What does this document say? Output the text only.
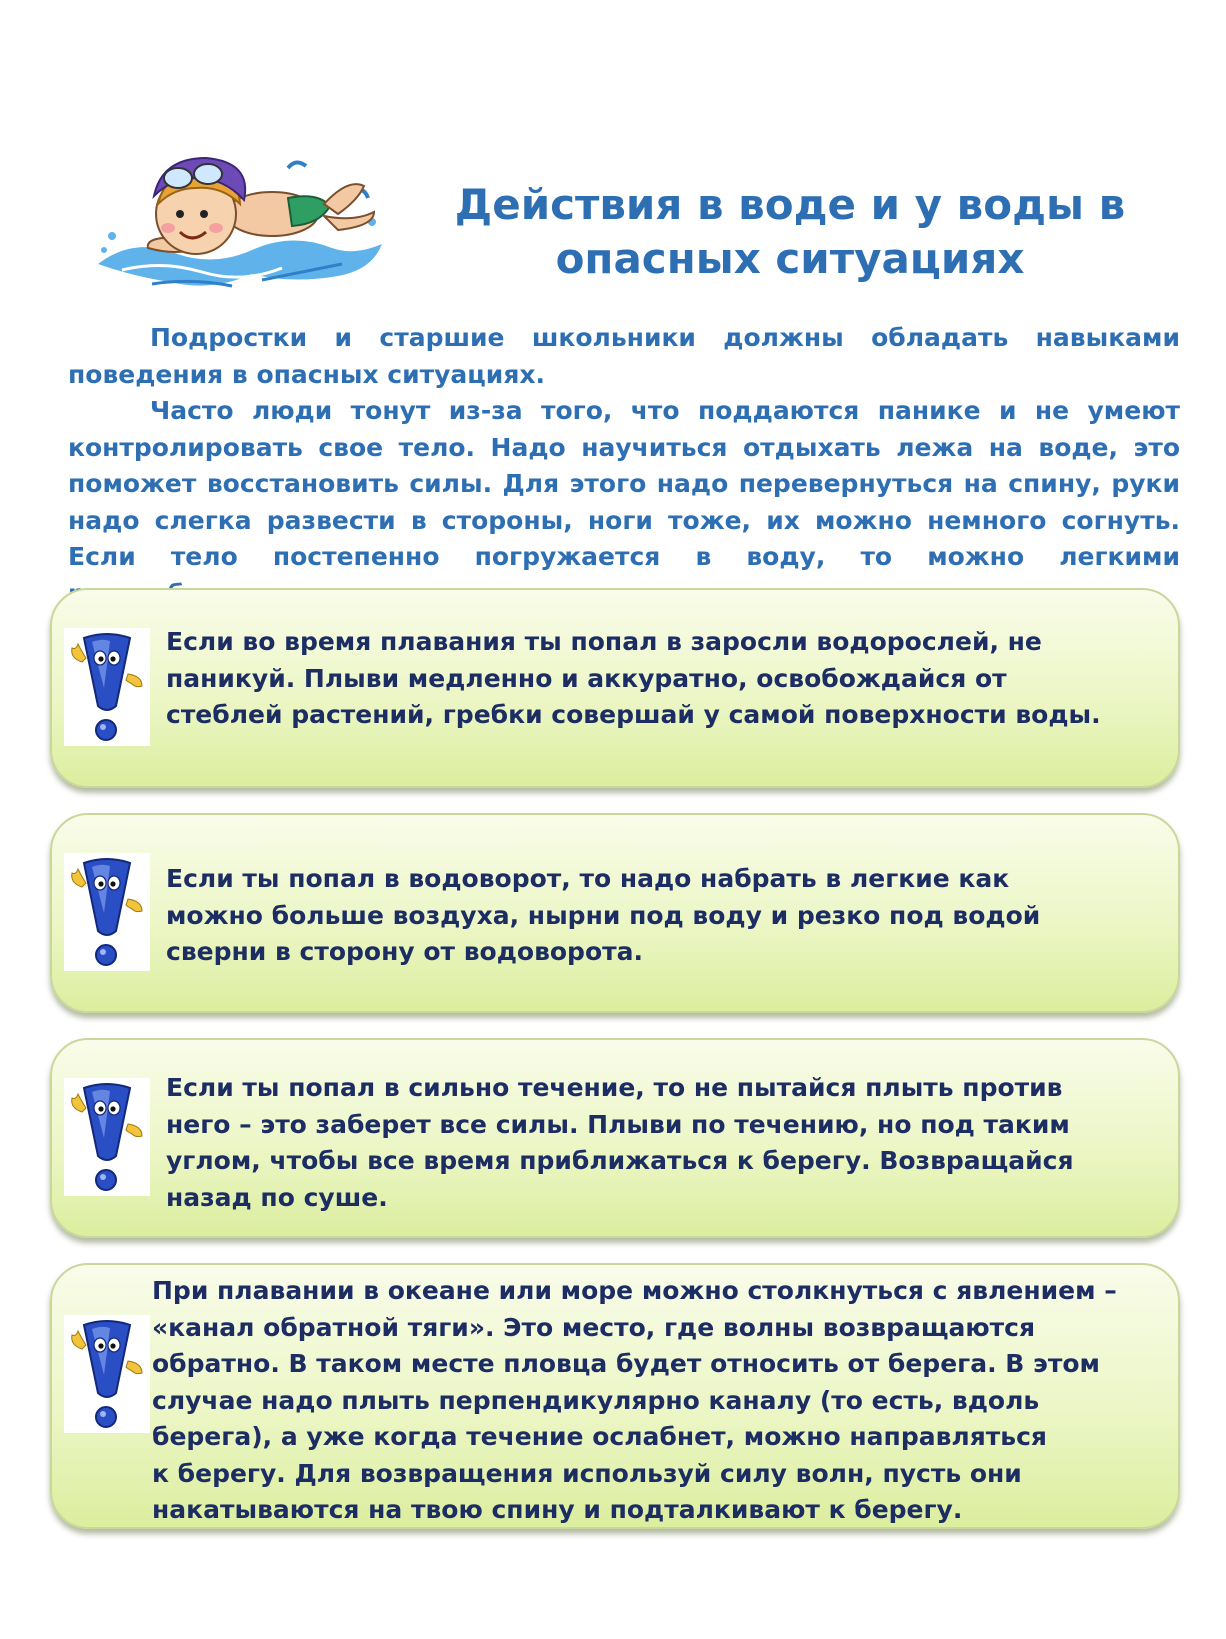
Действия в воде и у воды в
опасных ситуациях

Подростки и старшие школьники должны обладать навыками поведения в опасных ситуациях.

Часто люди тонут из-за того, что поддаются панике и не умеют контролировать свое тело. Надо научиться отдыхать лежа на воде, это поможет восстановить силы. Для этого надо перевернуться на спину, руки надо слегка развести в стороны, ноги тоже, их можно немного согнуть. Если тело постепенно погружается в воду, то можно легкими

Если во время плавания ты попал в заросли водорослей, не
паникуй. Плыви медленно и аккуратно, освобождайся от
стеблей растений, гребки совершай у самой поверхности воды.

Если ты попал в водоворот, то надо набрать в легкие как
можно больше воздуха, нырни под воду и резко под водой
сверни в сторону от водоворота.

Если ты попал в сильно течение, то не пытайся плыть против
него – это заберет все силы. Плыви по течению, но под таким
углом, чтобы все время приближаться к берегу. Возвращайся
назад по суше.

При плавании в океане или море можно столкнуться с явлением –
«канал обратной тяги». Это место, где волны возвращаются
обратно. В таком месте пловца будет относить от берега. В этом
случае надо плыть перпендикулярно каналу (то есть, вдоль
берега), а уже когда течение ослабнет, можно направляться
к берегу. Для возвращения используй силу волн, пусть они
накатываются на твою спину и подталкивают к берегу.
